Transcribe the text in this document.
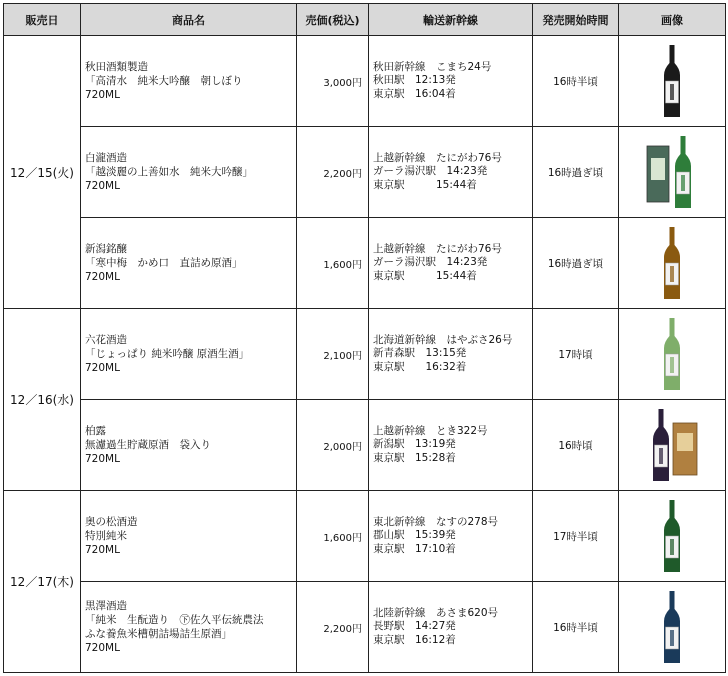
販売日	商品名	売価(税込)	輸送新幹線	発売開始時間	画像
12／15(火)	秋田酒類製造
「高清水　純米大吟醸　朝しぼり
720ML	3,000円	秋田新幹線　こまち24号
秋田駅　12:13発
東京駅　16:04着	16時半頃	

	白瀧酒造
「越淡麗の上善如水　純米大吟醸」
720ML	2,200円	上越新幹線　たにがわ76号
ガーラ湯沢駅　14:23発
東京駅　　　15:44着	16時過ぎ頃	

	新潟銘醸
「寒中梅　かめ口　直詰め原酒」
720ML	1,600円	上越新幹線　たにがわ76号
ガーラ湯沢駅　14:23発
東京駅　　　15:44着	16時過ぎ頃	

12／16(水)	六花酒造
「じょっぱり 純米吟醸 原酒生酒」
720ML	2,100円	北海道新幹線　はやぶさ26号
新青森駅　13:15発
東京駅　　16:32着	17時頃	

	柏露
無濾過生貯蔵原酒　袋入り
720ML	2,000円	上越新幹線　とき322号
新潟駅　13:19発
東京駅　15:28着	16時頃	

12／17(木)	奥の松酒造
特別純米
720ML	1,600円	東北新幹線　なすの278号
郡山駅　15:39発
東京駅　17:10着	17時半頃	

	黒澤酒造
「純米　生酛造り　㊦佐久平伝統農法
ふな養魚米槽朝詰場詰生原酒」
720ML	2,200円	北陸新幹線　あさま620号
長野駅　14:27発
東京駅　16:12着	16時半頃	
